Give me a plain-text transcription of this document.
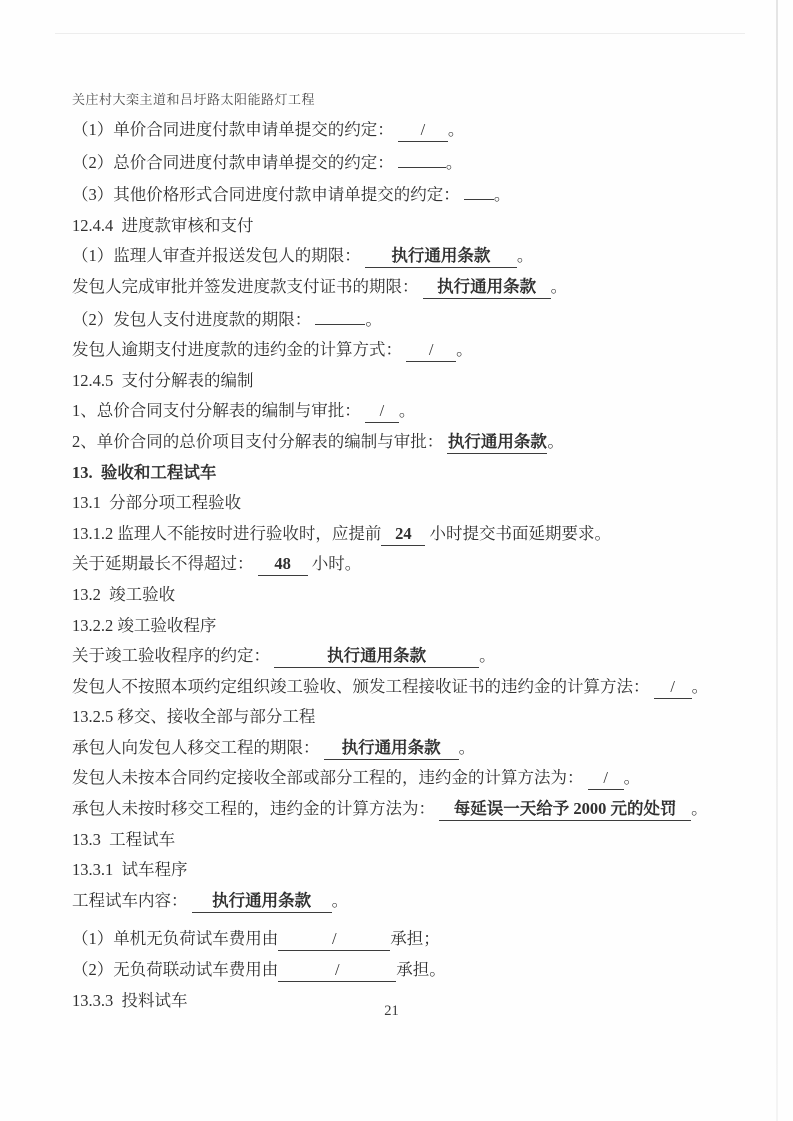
关庄村大栾主道和吕圩路太阳能路灯工程

（1）单价合同进度付款申请单提交的约定： / 。

（2）总价合同进度付款申请单提交的约定：	。

（3）其他价格形式合同进度付款申请单提交的约定： 。

12.4.4  进度款审核和支付

（1）监理人审查并报送发包人的期限： 执行通用条款 。

发包人完成审批并签发进度款支付证书的期限： 执行通用条款 。

（2）发包人支付进度款的期限：	。

发包人逾期支付进度款的违约金的计算方式： / 。

12.4.5  支付分解表的编制

1、总价合同支付分解表的编制与审批： / 。

2、单价合同的总价项目支付分解表的编制与审批： 执行通用条款。

13.  验收和工程试车

13.1  分部分项工程验收

13.1.2 监理人不能按时进行验收时，应提前 24 小时提交书面延期要求。

关于延期最长不得超过： 48 小时。

13.2  竣工验收

13.2.2 竣工验收程序

关于竣工验收程序的约定：	执行通用条款	。

发包人不按照本项约定组织竣工验收、颁发工程接收证书的违约金的计算方法： / 。

13.2.5 移交、接收全部与部分工程

承包人向发包人移交工程的期限： 执行通用条款 。

发包人未按本合同约定接收全部或部分工程的，违约金的计算方法为： / 。

承包人未按时移交工程的，违约金的计算方法为： 每延误一天给予 2000 元的处罚 。

13.3  工程试车

13.3.1  试车程序

工程试车内容： 执行通用条款 。

（1）单机无负荷试车费用由	/	承担；

（2）无负荷联动试车费用由	/	承担。

13.3.3  投料试车

21
